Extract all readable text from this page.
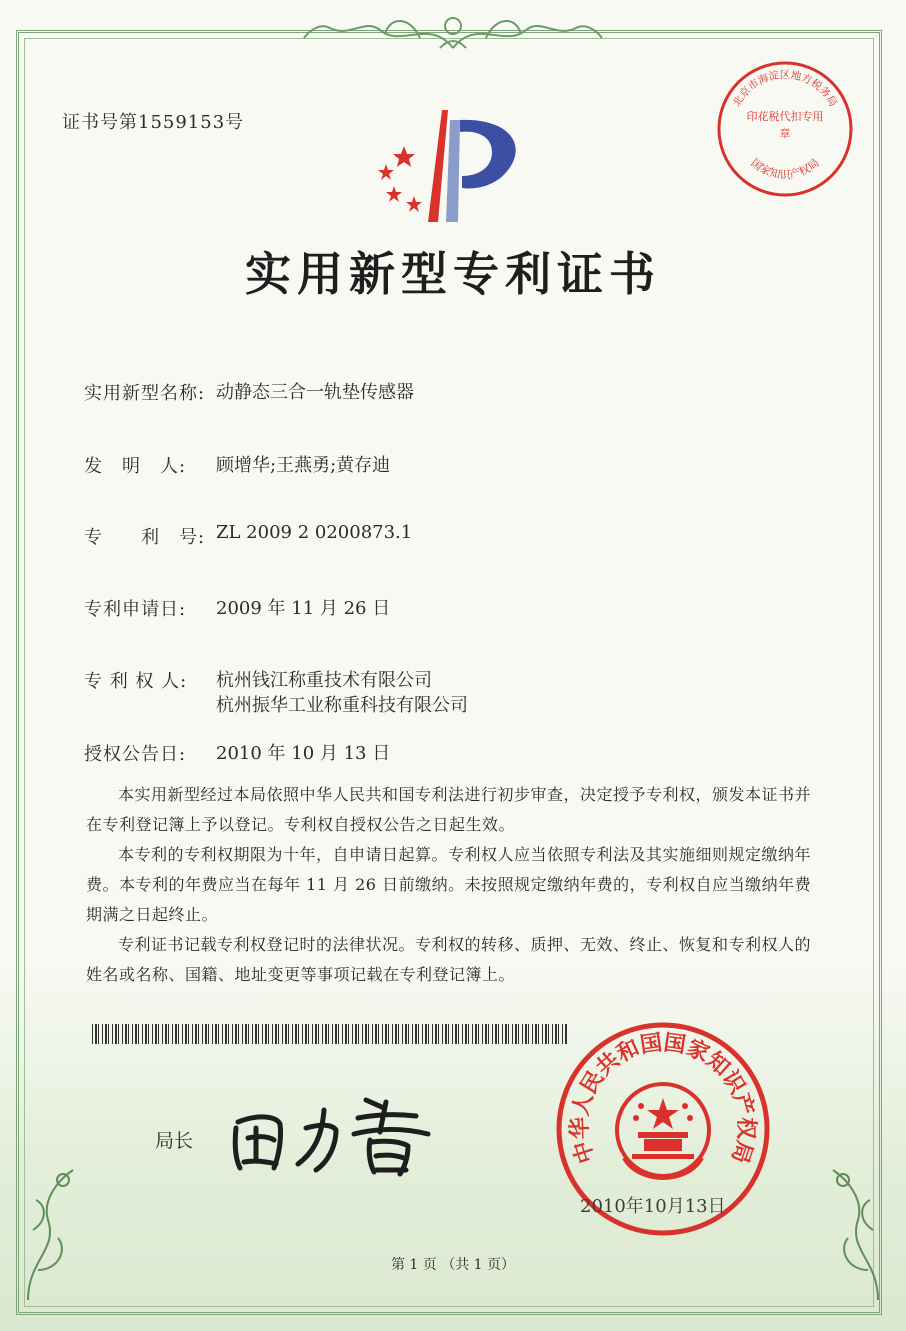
证书号第1559153号
北京市海淀区地方税务局
国家知识产权局
印花税代扣专用章
实用新型专利证书
实用新型名称: 动静态三合一轨垫传感器
发　明　人: 顾增华;王燕勇;黄存迪
专　　利　号: ZL 2009 2 0200873.1
专利申请日: 2009 年 11 月 26 日
专 利 权 人: 杭州钱江称重技术有限公司
杭州振华工业称重科技有限公司
授权公告日: 2010 年 10 月 13 日

本实用新型经过本局依照中华人民共和国专利法进行初步审查，决定授予专利权，颁发本证书并在专利登记簿上予以登记。专利权自授权公告之日起生效。

本专利的专利权期限为十年，自申请日起算。专利权人应当依照专利法及其实施细则规定缴纳年费。本专利的年费应当在每年 11 月 26 日前缴纳。未按照规定缴纳年费的，专利权自应当缴纳年费期满之日起终止。

专利证书记载专利权登记时的法律状况。专利权的转移、质押、无效、终止、恢复和专利权人的姓名或名称、国籍、地址变更等事项记载在专利登记簿上。

局长	中华人民共和国国家知识产权局
2010年10月13日
第 1 页 （共 1 页）
